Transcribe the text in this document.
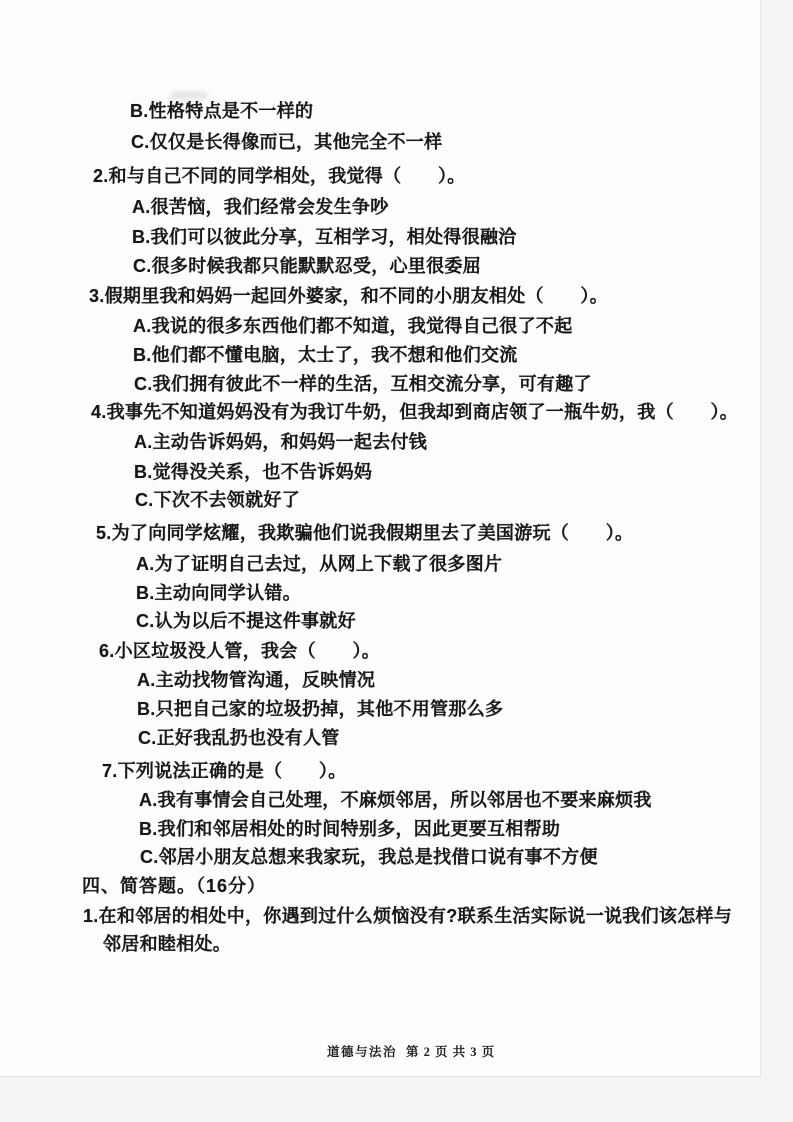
B.性格特点是不一样的
C.仅仅是长得像而已，其他完全不一样
2.和与自己不同的同学相处，我觉得（　　）。
A.很苦恼，我们经常会发生争吵
B.我们可以彼此分享，互相学习，相处得很融洽
C.很多时候我都只能默默忍受，心里很委屈
3.假期里我和妈妈一起回外婆家，和不同的小朋友相处（　　）。
A.我说的很多东西他们都不知道，我觉得自己很了不起
B.他们都不懂电脑，太士了，我不想和他们交流
C.我们拥有彼此不一样的生活，互相交流分享，可有趣了
4.我事先不知道妈妈没有为我订牛奶，但我却到商店领了一瓶牛奶，我（　　）。
A.主动告诉妈妈，和妈妈一起去付钱
B.觉得没关系，也不告诉妈妈
C.下次不去领就好了
5.为了向同学炫耀，我欺骗他们说我假期里去了美国游玩（　　）。
A.为了证明自己去过，从网上下载了很多图片
B.主动向同学认错。
C.认为以后不提这件事就好
6.小区垃圾没人管，我会（　　）。
A.主动找物管沟通，反映情况
B.只把自己家的垃圾扔掉，其他不用管那么多
C.正好我乱扔也没有人管
7.下列说法正确的是（　　）。
A.我有事情会自己处理，不麻烦邻居，所以邻居也不要来麻烦我
B.我们和邻居相处的时间特别多，因此更要互相帮助
C.邻居小朋友总想来我家玩，我总是找借口说有事不方便
四、简答题。（16分）
1.在和邻居的相处中，你遇到过什么烦恼没有?联系生活实际说一说我们该怎样与
邻居和睦相处。
道德与法治 第 2 页 共 3 页
